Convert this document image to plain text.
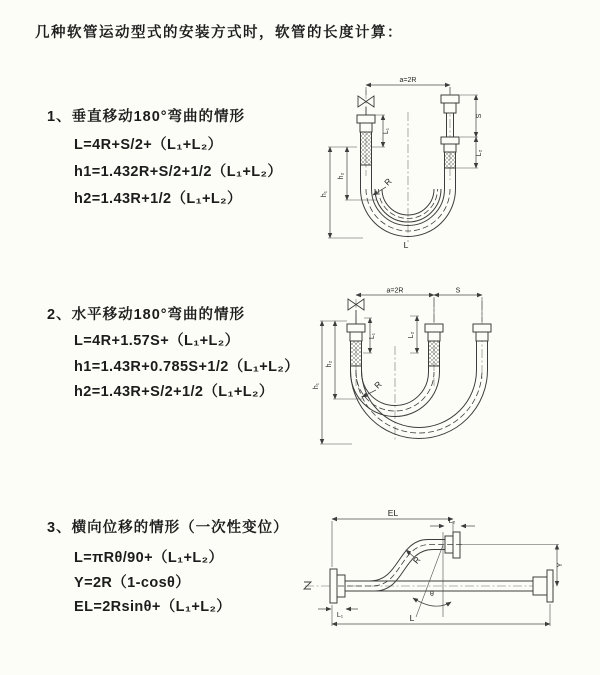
几种软管运动型式的安装方式时，软管的长度计算：
1、垂直移动180°弯曲的情形
L=4R+S/2+（L₁+L₂）
h1=1.432R+S/2+1/2（L₁+L₂）
h2=1.43R+1/2（L₁+L₂）
2、水平移动180°弯曲的情形
L=4R+1.57S+（L₁+L₂）
h1=1.43R+0.785S+1/2（L₁+L₂）
h2=1.43R+S/2+1/2（L₁+L₂）
3、横向位移的情形（一次性变位）
L=πRθ/90+（L₁+L₂）
Y=2R（1-cosθ）
EL=2Rsinθ+（L₁+L₂）
a=2R
h₁
h₂
L₁
S
L₂
R
L
a=2R	S
h₁
h₂
L₁	L₂
R
θ
EL
L₂
Y
L₁	L
R
